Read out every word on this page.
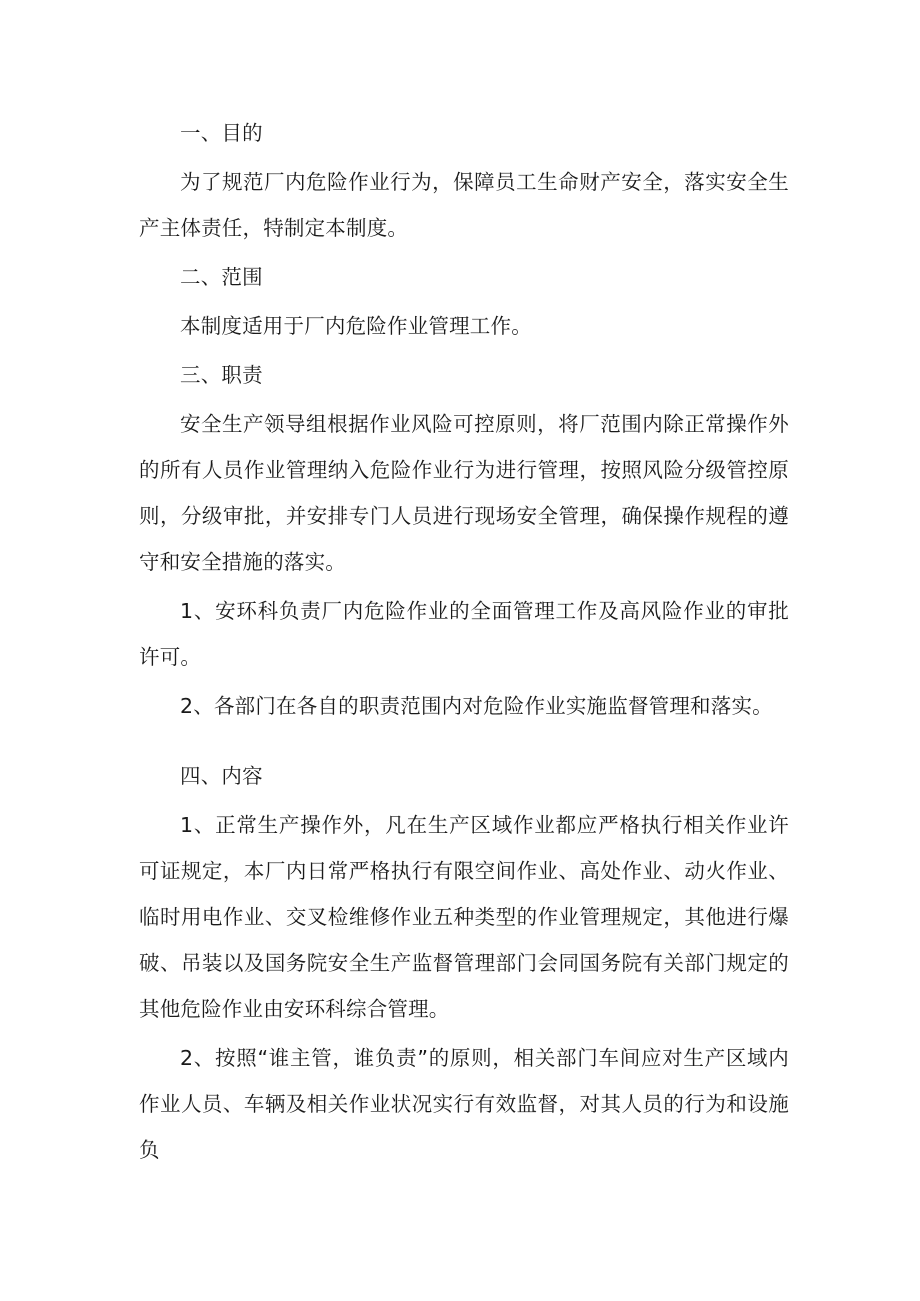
一、目的

为了规范厂内危险作业行为，保障员工生命财产安全，落实安全生产主体责任，特制定本制度。

二、范围

本制度适用于厂内危险作业管理工作。

三、职责

安全生产领导组根据作业风险可控原则，将厂范围内除正常操作外的所有人员作业管理纳入危险作业行为进行管理，按照风险分级管控原则，分级审批，并安排专门人员进行现场安全管理，确保操作规程的遵守和安全措施的落实。

1、安环科负责厂内危险作业的全面管理工作及高风险作业的审批许可。

2、各部门在各自的职责范围内对危险作业实施监督管理和落实。

四、内容

1、正常生产操作外，凡在生产区域作业都应严格执行相关作业许可证规定，本厂内日常严格执行有限空间作业、高处作业、动火作业、临时用电作业、交叉检维修作业五种类型的作业管理规定，其他进行爆破、吊装以及国务院安全生产监督管理部门会同国务院有关部门规定的其他危险作业由安环科综合管理。

2、按照“谁主管，谁负责”的原则，相关部门车间应对生产区域内作业人员、车辆及相关作业状况实行有效监督，对其人员的行为和设施负
